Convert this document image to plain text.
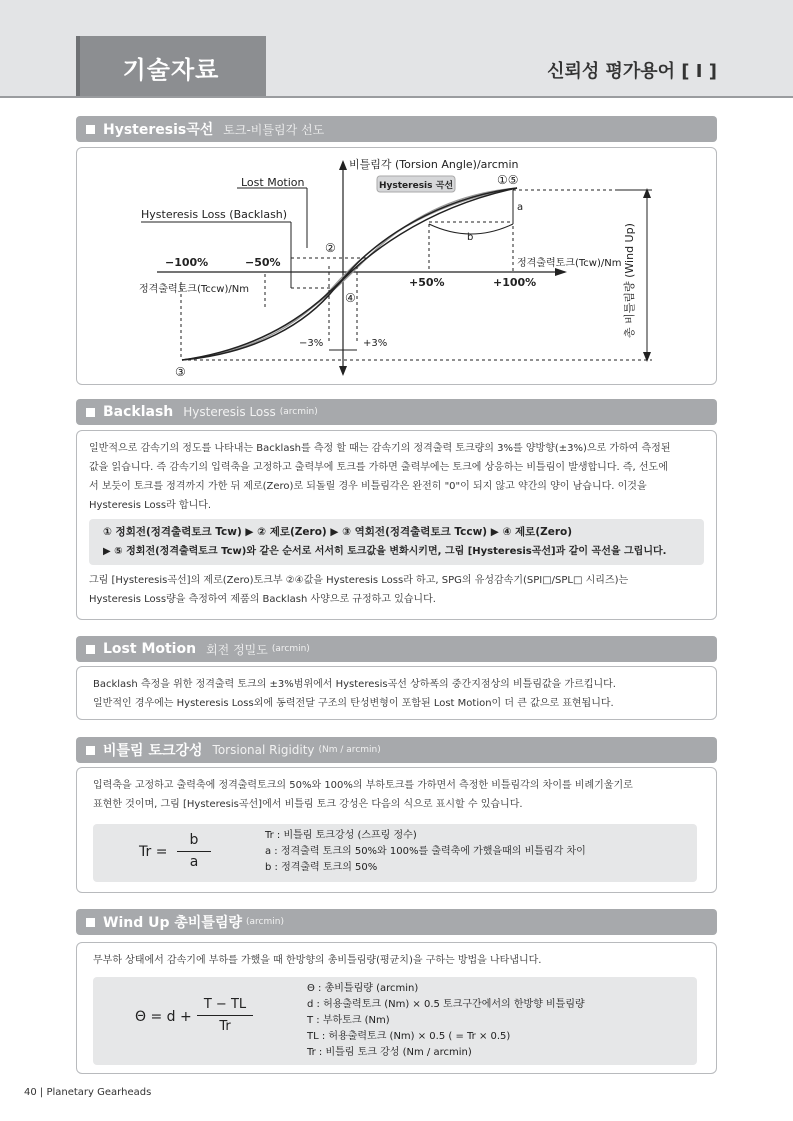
기술자료	신뢰성 평가용어 [ Ⅰ ]
Hysteresis곡선 토크-비틀림각 선도
Hysteresis 곡선
비틀림각 (Torsion Angle)/arcmin
Lost Motion
Hysteresis Loss (Backlash)
−100%	−50%
정격출력토크(Tccw)/Nm
+50%	+100%
정격출력토크(Tcw)/Nm
①⑤
②
④
③
a
b
−3%	+3%
총 비틀림량 (Wind Up)
Backlash Hysteresis Loss (arcmin)
일반적으로 감속기의 정도를 나타내는 Backlash를 측정 할 때는 감속기의 정격출력 토크량의 3%를 양방향(±3%)으로 가하여 측정된
값을 읽습니다. 즉 감속기의 입력축을 고정하고 출력부에 토크를 가하면 출력부에는 토크에 상응하는 비틀림이 발생합니다. 즉, 선도에
서 보듯이 토크를 정격까지 가한 뒤 제로(Zero)로 되돌릴 경우 비틀림각은 완전히 "0"이 되지 않고 약간의 양이 남습니다. 이것을
Hysteresis Loss라 합니다.
① 정회전(정격출력토크 Tcw) ▶ ② 제로(Zero) ▶ ③ 역회전(정격출력토크 Tccw) ▶ ④ 제로(Zero)
▶ ⑤ 정회전(정격출력토크 Tcw)와 같은 순서로 서서히 토크값을 변화시키면, 그림 [Hysteresis곡선]과 같이 곡선을 그립니다.
그림 [Hysteresis곡선]의 제로(Zero)토크부 ②④값을 Hysteresis Loss라 하고, SPG의 유성감속기(SPI□/SPL□ 시리즈)는
Hysteresis Loss량을 측정하여 제품의 Backlash 사양으로 규정하고 있습니다.
Lost Motion 회전 정밀도 (arcmin)
Backlash 측정을 위한 정격출력 토크의 ±3%범위에서 Hysteresis곡선 상하폭의 중간지점상의 비틀림값을 가르킵니다.
일반적인 경우에는 Hysteresis Loss외에 동력전달 구조의 탄성변형이 포함된 Lost Motion이 더 큰 값으로 표현됩니다.
비틀림 토크강성 Torsional Rigidity (Nm / arcmin)
입력축을 고정하고 출력축에 정격출력토크의 50%와 100%의 부하토크를 가하면서 측정한 비틀림각의 차이를 비례기울기로
표현한 것이며, 그림 [Hysteresis곡선]에서 비틀림 토크 강성은 다음의 식으로 표시할 수 있습니다.
Tr =
b
a
Tr : 비틀림 토크강성 (스프링 정수)
a : 정격출력 토크의 50%와 100%를 출력축에 가했을때의 비틀림각 차이
b : 정격출력 토크의 50%
Wind Up 총비틀림량 (arcmin)
무부하 상태에서 감속기에 부하를 가했을 때 한방향의 총비틀림량(평균치)을 구하는 방법을 나타냅니다.
Θ = d +
T − TL
Tr
Θ : 총비틀림량 (arcmin)
d : 허용출력토크 (Nm) × 0.5 토크구간에서의 한방향 비틀림량
T : 부하토크 (Nm)
TL : 허용출력토크 (Nm) × 0.5 ( = Tr × 0.5)
Tr : 비틀림 토크 강성 (Nm / arcmin)
40 | Planetary Gearheads
